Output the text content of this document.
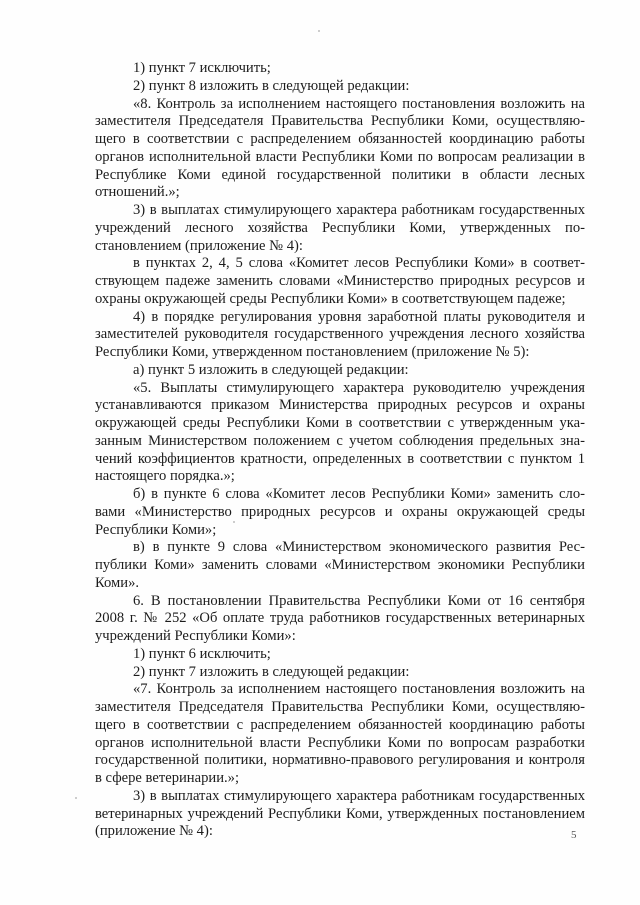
1) пункт 7 исключить;

2) пункт 8 изложить в следующей редакции:

«8. Контроль за исполнением настоящего постановления возложить на заместителя Председателя Правительства Республики Коми, осуществляющего в соответствии с распределением обязанностей координацию работы органов исполнительной власти Республики Коми по вопросам реализации в Республике Коми единой государственной политики в области лесных отношений.»;

3) в выплатах стимулирующего характера работникам государственных учреждений лесного хозяйства Республики Коми, утвержденных постановлением (приложение № 4):

в пунктах 2, 4, 5 слова «Комитет лесов Республики Коми» в соответствующем падеже заменить словами «Министерство природных ресурсов и охраны окружающей среды Республики Коми» в соответствующем падеже;

4) в порядке регулирования уровня заработной платы руководителя и заместителей руководителя государственного учреждения лесного хозяйства Республики Коми, утвержденном постановлением (приложение № 5):

а) пункт 5 изложить в следующей редакции:

«5. Выплаты стимулирующего характера руководителю учреждения устанавливаются приказом Министерства природных ресурсов и охраны окружающей среды Республики Коми в соответствии с утвержденным указанным Министерством положением с учетом соблюдения предельных значений коэффициентов кратности, определенных в соответствии с пунктом 1 настоящего порядка.»;

б) в пункте 6 слова «Комитет лесов Республики Коми» заменить словами «Министерство природных ресурсов и охраны окружающей среды Республики Коми»;

в) в пункте 9 слова «Министерством экономического развития Республики Коми» заменить словами «Министерством экономики Республики Коми».

6. В постановлении Правительства Республики Коми от 16 сентября 2008 г. № 252 «Об оплате труда работников государственных ветеринарных учреждений Республики Коми»:

1) пункт 6 исключить;

2) пункт 7 изложить в следующей редакции:

«7. Контроль за исполнением настоящего постановления возложить на заместителя Председателя Правительства Республики Коми, осуществляющего в соответствии с распределением обязанностей координацию работы органов исполнительной власти Республики Коми по вопросам разработки государственной политики, нормативно-правового регулирования и контроля в сфере ветеринарии.»;

3) в выплатах стимулирующего характера работникам государственных ветеринарных учреждений Республики Коми, утвержденных постановлением (приложение № 4):	5
